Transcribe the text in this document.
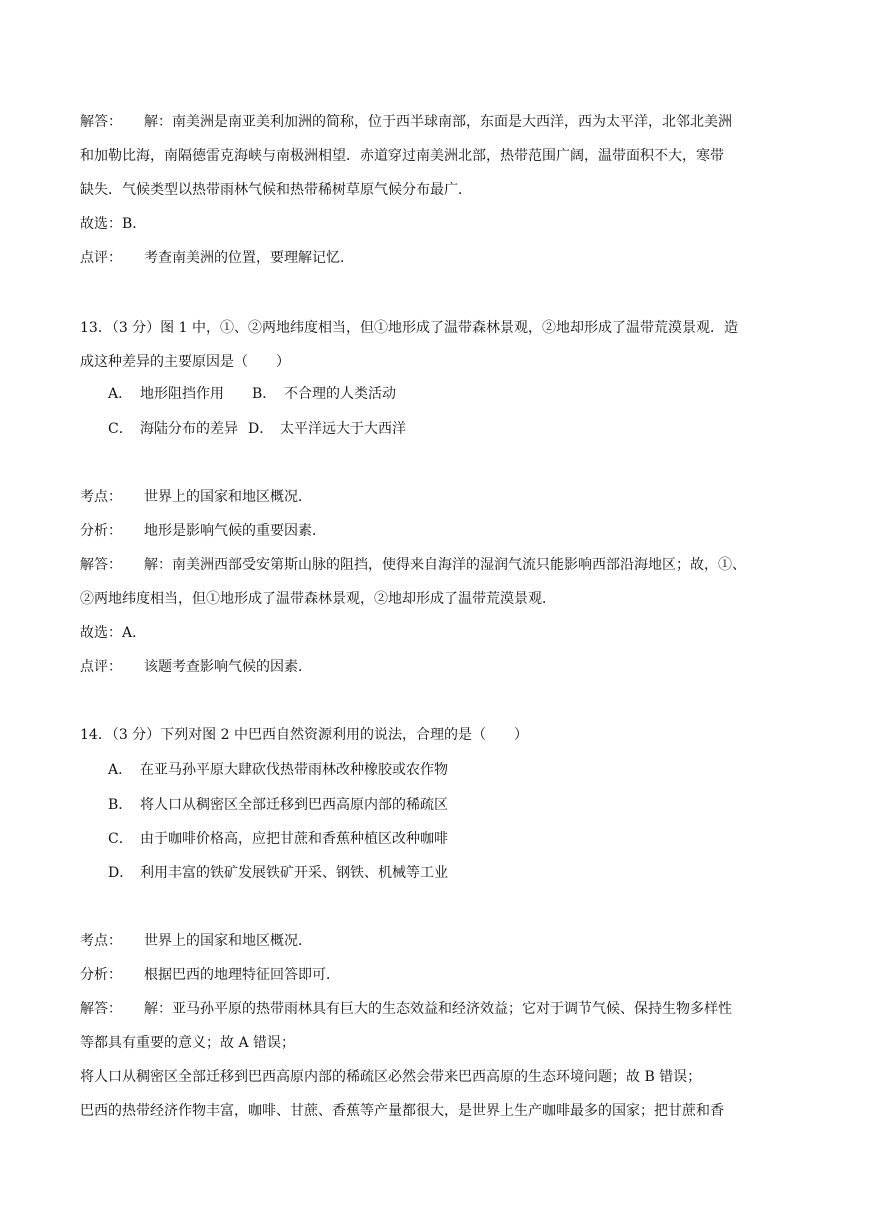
解答： 解：南美洲是南亚美利加洲的简称，位于西半球南部，东面是大西洋，西为太平洋，北邻北美洲
和加勒比海，南隔德雷克海峡与南极洲相望．赤道穿过南美洲北部，热带范围广阔，温带面积不大，寒带
缺失．气候类型以热带雨林气候和热带稀树草原气候分布最广．
故选：B．
点评： 考查南美洲的位置，要理解记忆．
13．（3 分）图 1 中，①、②两地纬度相当，但①地形成了温带森林景观，②地却形成了温带荒漠景观．造
成这种差异的主要原因是（　　）
A． 地形阻挡作用 B． 不合理的人类活动
C． 海陆分布的差异 D． 太平洋远大于大西洋
考点： 世界上的国家和地区概况．
分析： 地形是影响气候的重要因素．
解答： 解：南美洲西部受安第斯山脉的阻挡，使得来自海洋的湿润气流只能影响西部沿海地区；故，①、
②两地纬度相当，但①地形成了温带森林景观，②地却形成了温带荒漠景观．
故选：A．
点评： 该题考查影响气候的因素．
14．（3 分）下列对图 2 中巴西自然资源利用的说法，合理的是（　　）
A． 在亚马孙平原大肆砍伐热带雨林改种橡胶或农作物
B． 将人口从稠密区全部迁移到巴西高原内部的稀疏区
C． 由于咖啡价格高，应把甘蔗和香蕉种植区改种咖啡
D． 利用丰富的铁矿发展铁矿开采、钢铁、机械等工业
考点： 世界上的国家和地区概况．
分析： 根据巴西的地理特征回答即可．
解答： 解：亚马孙平原的热带雨林具有巨大的生态效益和经济效益；它对于调节气候、保持生物多样性
等都具有重要的意义；故 A 错误；
将人口从稠密区全部迁移到巴西高原内部的稀疏区必然会带来巴西高原的生态环境问题；故 B 错误；
巴西的热带经济作物丰富，咖啡、甘蔗、香蕉等产量都很大，是世界上生产咖啡最多的国家；把甘蔗和香
